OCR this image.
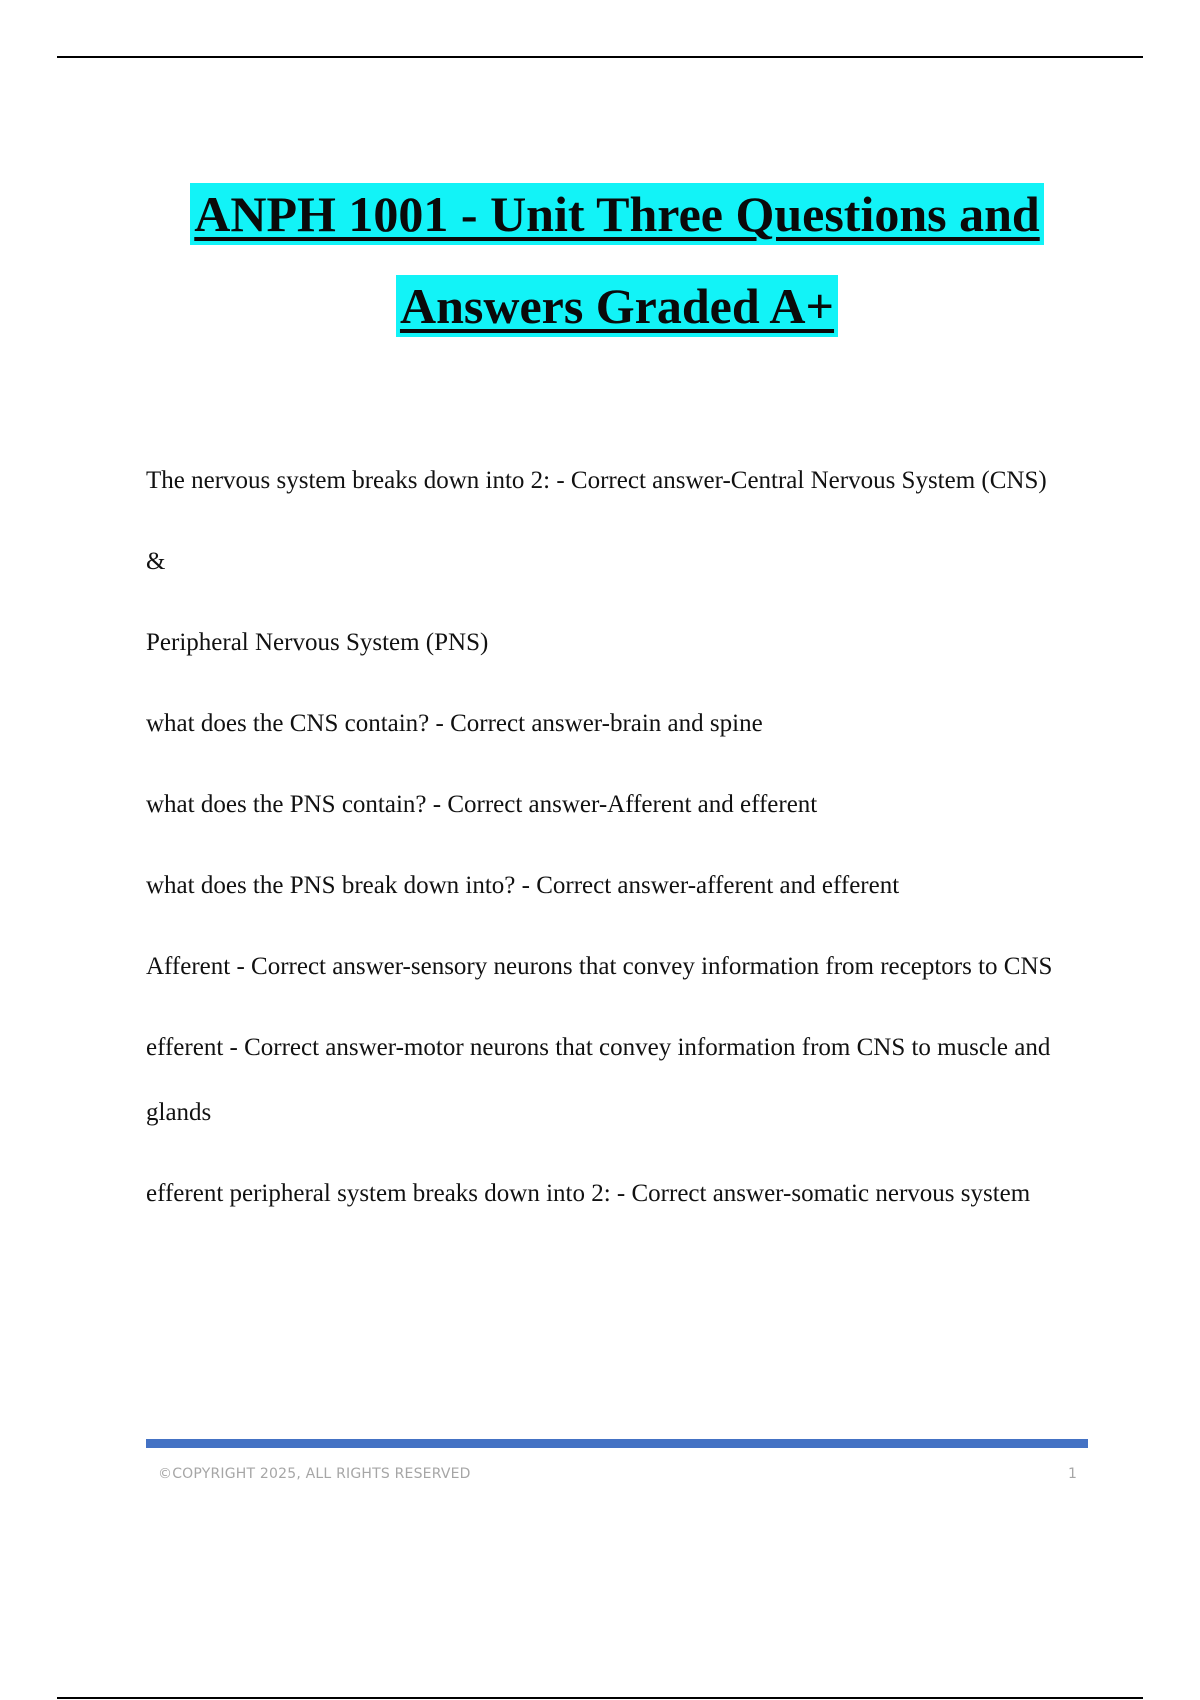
ANPH 1001 - Unit Three Questions and
Answers Graded A+

The nervous system breaks down into 2: - Correct answer-Central Nervous System (CNS)

&

Peripheral Nervous System (PNS)

what does the CNS contain? - Correct answer-brain and spine

what does the PNS contain? - Correct answer-Afferent and efferent

what does the PNS break down into? - Correct answer-afferent and efferent

Afferent - Correct answer-sensory neurons that convey information from receptors to CNS

efferent - Correct answer-motor neurons that convey information from CNS to muscle and glands

efferent peripheral system breaks down into 2: - Correct answer-somatic nervous system

©COPYRIGHT 2025, ALL RIGHTS RESERVED	1
